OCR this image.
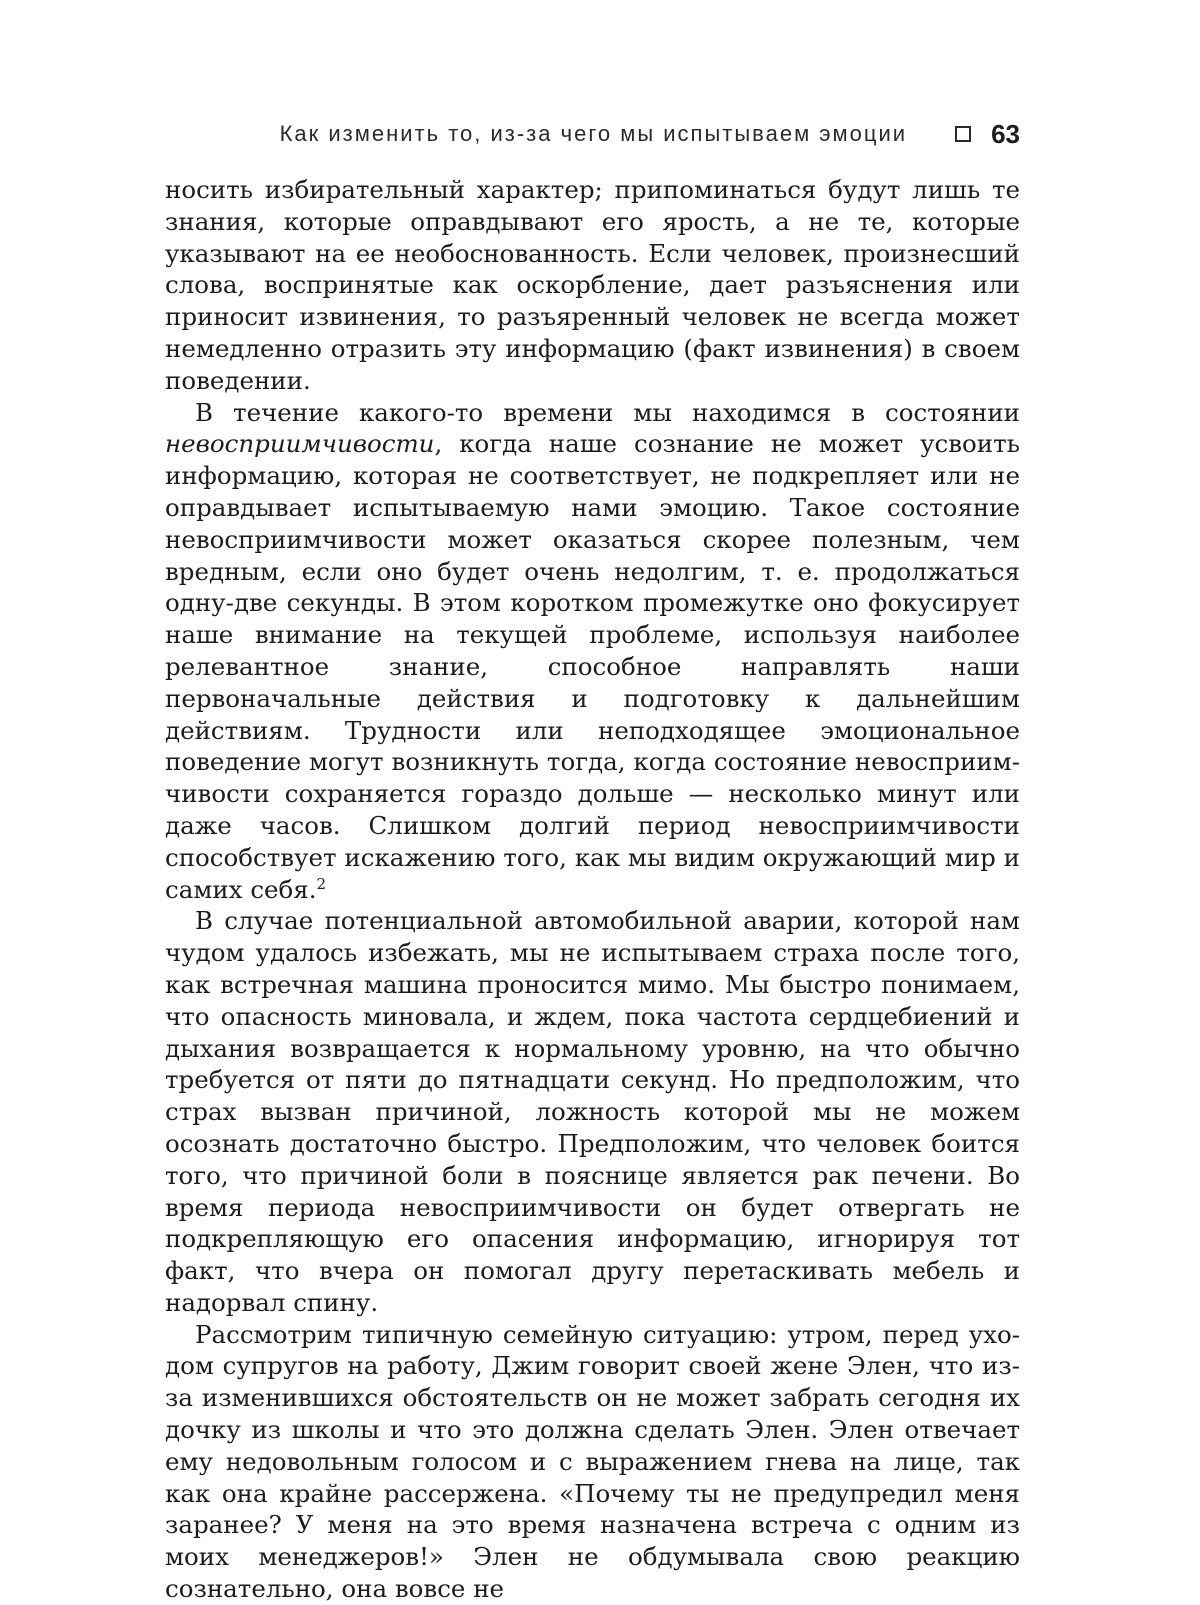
Как изменить то, из-за чего мы испытываем эмоции	63

носить избирательный характер; припоминаться будут лишь те знания, которые оправдывают его ярость, а не те, которые указывают на ее необоснованность. Если человек, произнесший слова, воспринятые как оскорбление, дает разъяснения или приносит извинения, то разъяренный человек не всегда может немедленно отразить эту информацию (факт извинения) в своем поведении.

В течение какого-то времени мы находимся в состоянии невосприимчивости, когда наше сознание не может усвоить информацию, которая не соответствует, не подкрепляет или не оправдывает испытываемую нами эмоцию. Такое состояние невосприимчивости может оказаться скорее полезным, чем вредным, если оно будет очень недолгим, т. е. продолжаться одну-две секунды. В этом коротком промежутке оно фокусирует наше внимание на текущей проблеме, используя наиболее релевантное знание, способное направлять наши первоначальные действия и подготовку к дальнейшим действиям. Трудности или неподходящее эмоциональное поведение могут возникнуть тогда, когда состояние невосприимчивости сохраняется гораздо дольше — несколько минут или даже часов. Слишком долгий период невосприимчивости способствует искажению того, как мы видим окружающий мир и самих себя.$^2$

В случае потенциальной автомобильной аварии, которой нам чудом удалось избежать, мы не испытываем страха после того, как встречная машина проносится мимо. Мы быстро понимаем, что опасность миновала, и ждем, пока частота сердцебиений и дыхания возвращается к нормальному уровню, на что обычно требуется от пяти до пятнадцати секунд. Но предположим, что страх вызван причиной, ложность которой мы не можем осознать достаточно быстро. Предположим, что человек боится того, что причиной боли в пояснице является рак печени. Во время периода невосприимчивости он будет отвергать не подкрепляющую его опасения информацию, игнорируя тот факт, что вчера он помогал другу перетаскивать мебель и надорвал спину.

Рассмотрим типичную семейную ситуацию: утром, перед уходом супругов на работу, Джим говорит своей жене Элен, что из-за изменившихся обстоятельств он не может забрать сегодня их дочку из школы и что это должна сделать Элен. Элен отвечает ему недовольным голосом и с выражением гнева на лице, так как она крайне рассержена. «Почему ты не предупредил меня заранее? У меня на это время назначена встреча с одним из моих менеджеров!» Элен не обдумывала свою реакцию сознательно, она вовсе не
